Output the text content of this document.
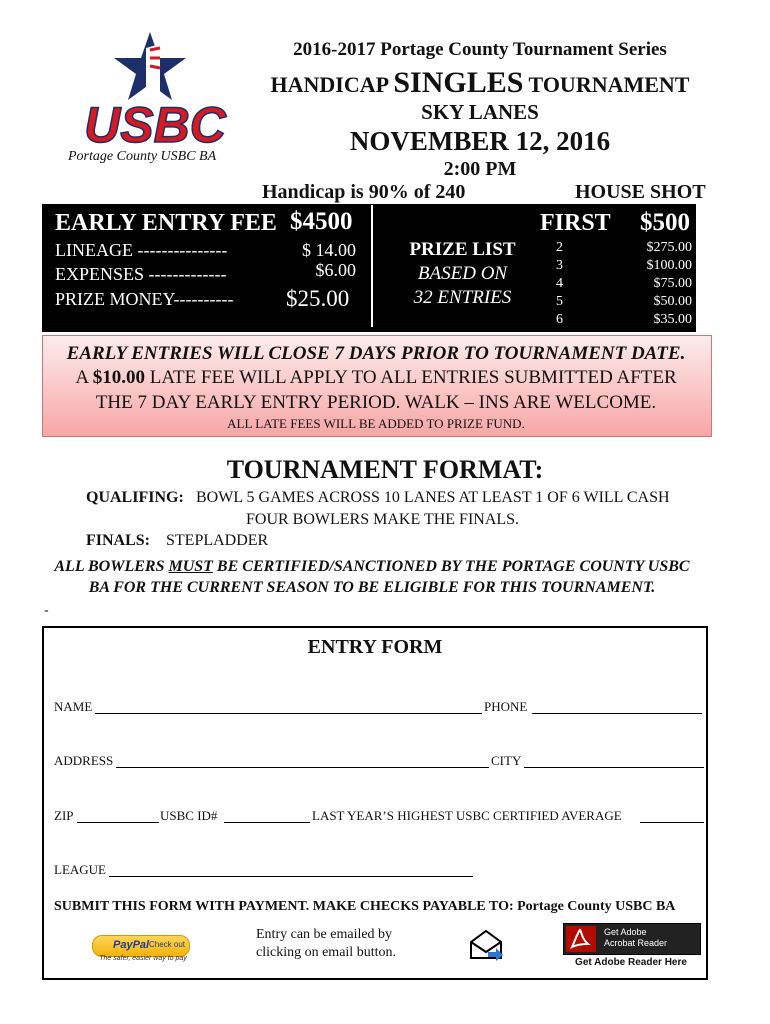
USBC
Portage County USBC BA
2016-2017 Portage County Tournament Series
HANDICAP SINGLES TOURNAMENT
SKY LANES
NOVEMBER 12, 2016
2:00 PM
Handicap is 90% of 240	HOUSE SHOT
EARLY ENTRY FEE $4500
LINEAGE ---------------	$ 14.00
EXPENSES -------------	$6.00
PRIZE MONEY---------- $25.00
PRIZE LIST
BASED ON
32 ENTRIES
FIRST $500
2	$275.00
3	$100.00
4	$75.00
5	$50.00
6	$35.00
EARLY ENTRIES WILL CLOSE 7 DAYS PRIOR TO TOURNAMENT DATE.
A $10.00 LATE FEE WILL APPLY TO ALL ENTRIES SUBMITTED AFTER
THE 7 DAY EARLY ENTRY PERIOD. WALK – INS ARE WELCOME.
ALL LATE FEES WILL BE ADDED TO PRIZE FUND.
TOURNAMENT FORMAT:
QUALIFING: BOWL 5 GAMES ACROSS 10 LANES AT LEAST 1 OF 6 WILL CASH
FOUR BOWLERS MAKE THE FINALS.
FINALS: STEPLADDER
ALL BOWLERS MUST BE CERTIFIED/SANCTIONED BY THE PORTAGE COUNTY USBC
BA FOR THE CURRENT SEASON TO BE ELIGIBLE FOR THIS TOURNAMENT.
-
ENTRY FORM
NAME	PHONE
ADDRESS	CITY
ZIP	USBC ID#	LAST YEAR’S HIGHEST USBC CERTIFIED AVERAGE
LEAGUE
SUBMIT THIS FORM WITH PAYMENT. MAKE CHECKS PAYABLE TO: Portage County USBC BA
Entry can be emailed by clicking on email button.
PayPal Check out
The safer, easier way to pay
Get Adobe
Acrobat Reader
Get Adobe Reader Here
